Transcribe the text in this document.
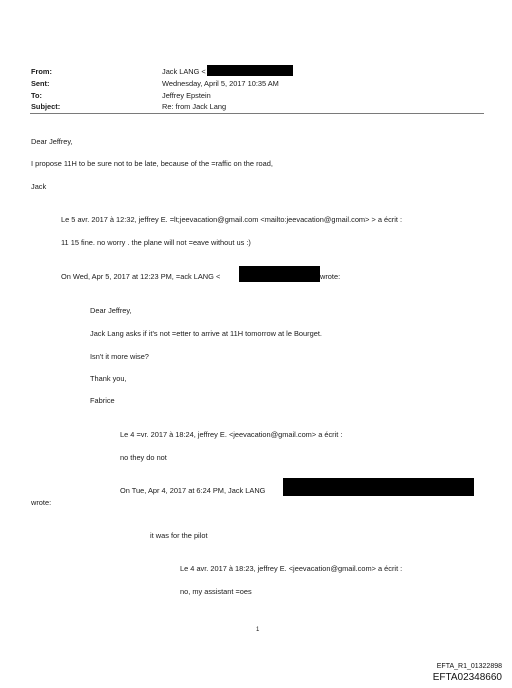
From:	Jack LANG <
Sent:	Wednesday, April 5, 2017 10:35 AM
To:	Jeffrey Epstein
Subject:	Re: from Jack Lang
Dear Jeffrey,
I propose 11H to be sure not to be late, because of the =raffic on the road,
Jack
Le 5 avr. 2017 à 12:32, jeffrey E. =lt;jeevacation@gmail.com <mailto:jeevacation@gmail.com> > a écrit :
11 15 fine. no worry . the plane will not =eave without us :)
On Wed, Apr 5, 2017 at 12:23 PM, =ack LANG <	wrote:
Dear Jeffrey,
Jack Lang asks if it's not =etter to arrive at 11H tomorrow at le Bourget.
Isn't it more wise?
Thank you,
Fabrice
Le 4 =vr. 2017 à 18:24, jeffrey E. <jeevacation@gmail.com> a écrit :
no they do not
On Tue, Apr 4, 2017 at 6:24 PM, Jack LANG
wrote:
it was for the pilot
Le 4 avr. 2017 à 18:23, jeffrey E. <jeevacation@gmail.com> a écrit :
no, my assistant =oes
1
EFTA_R1_01322898
EFTA02348660
